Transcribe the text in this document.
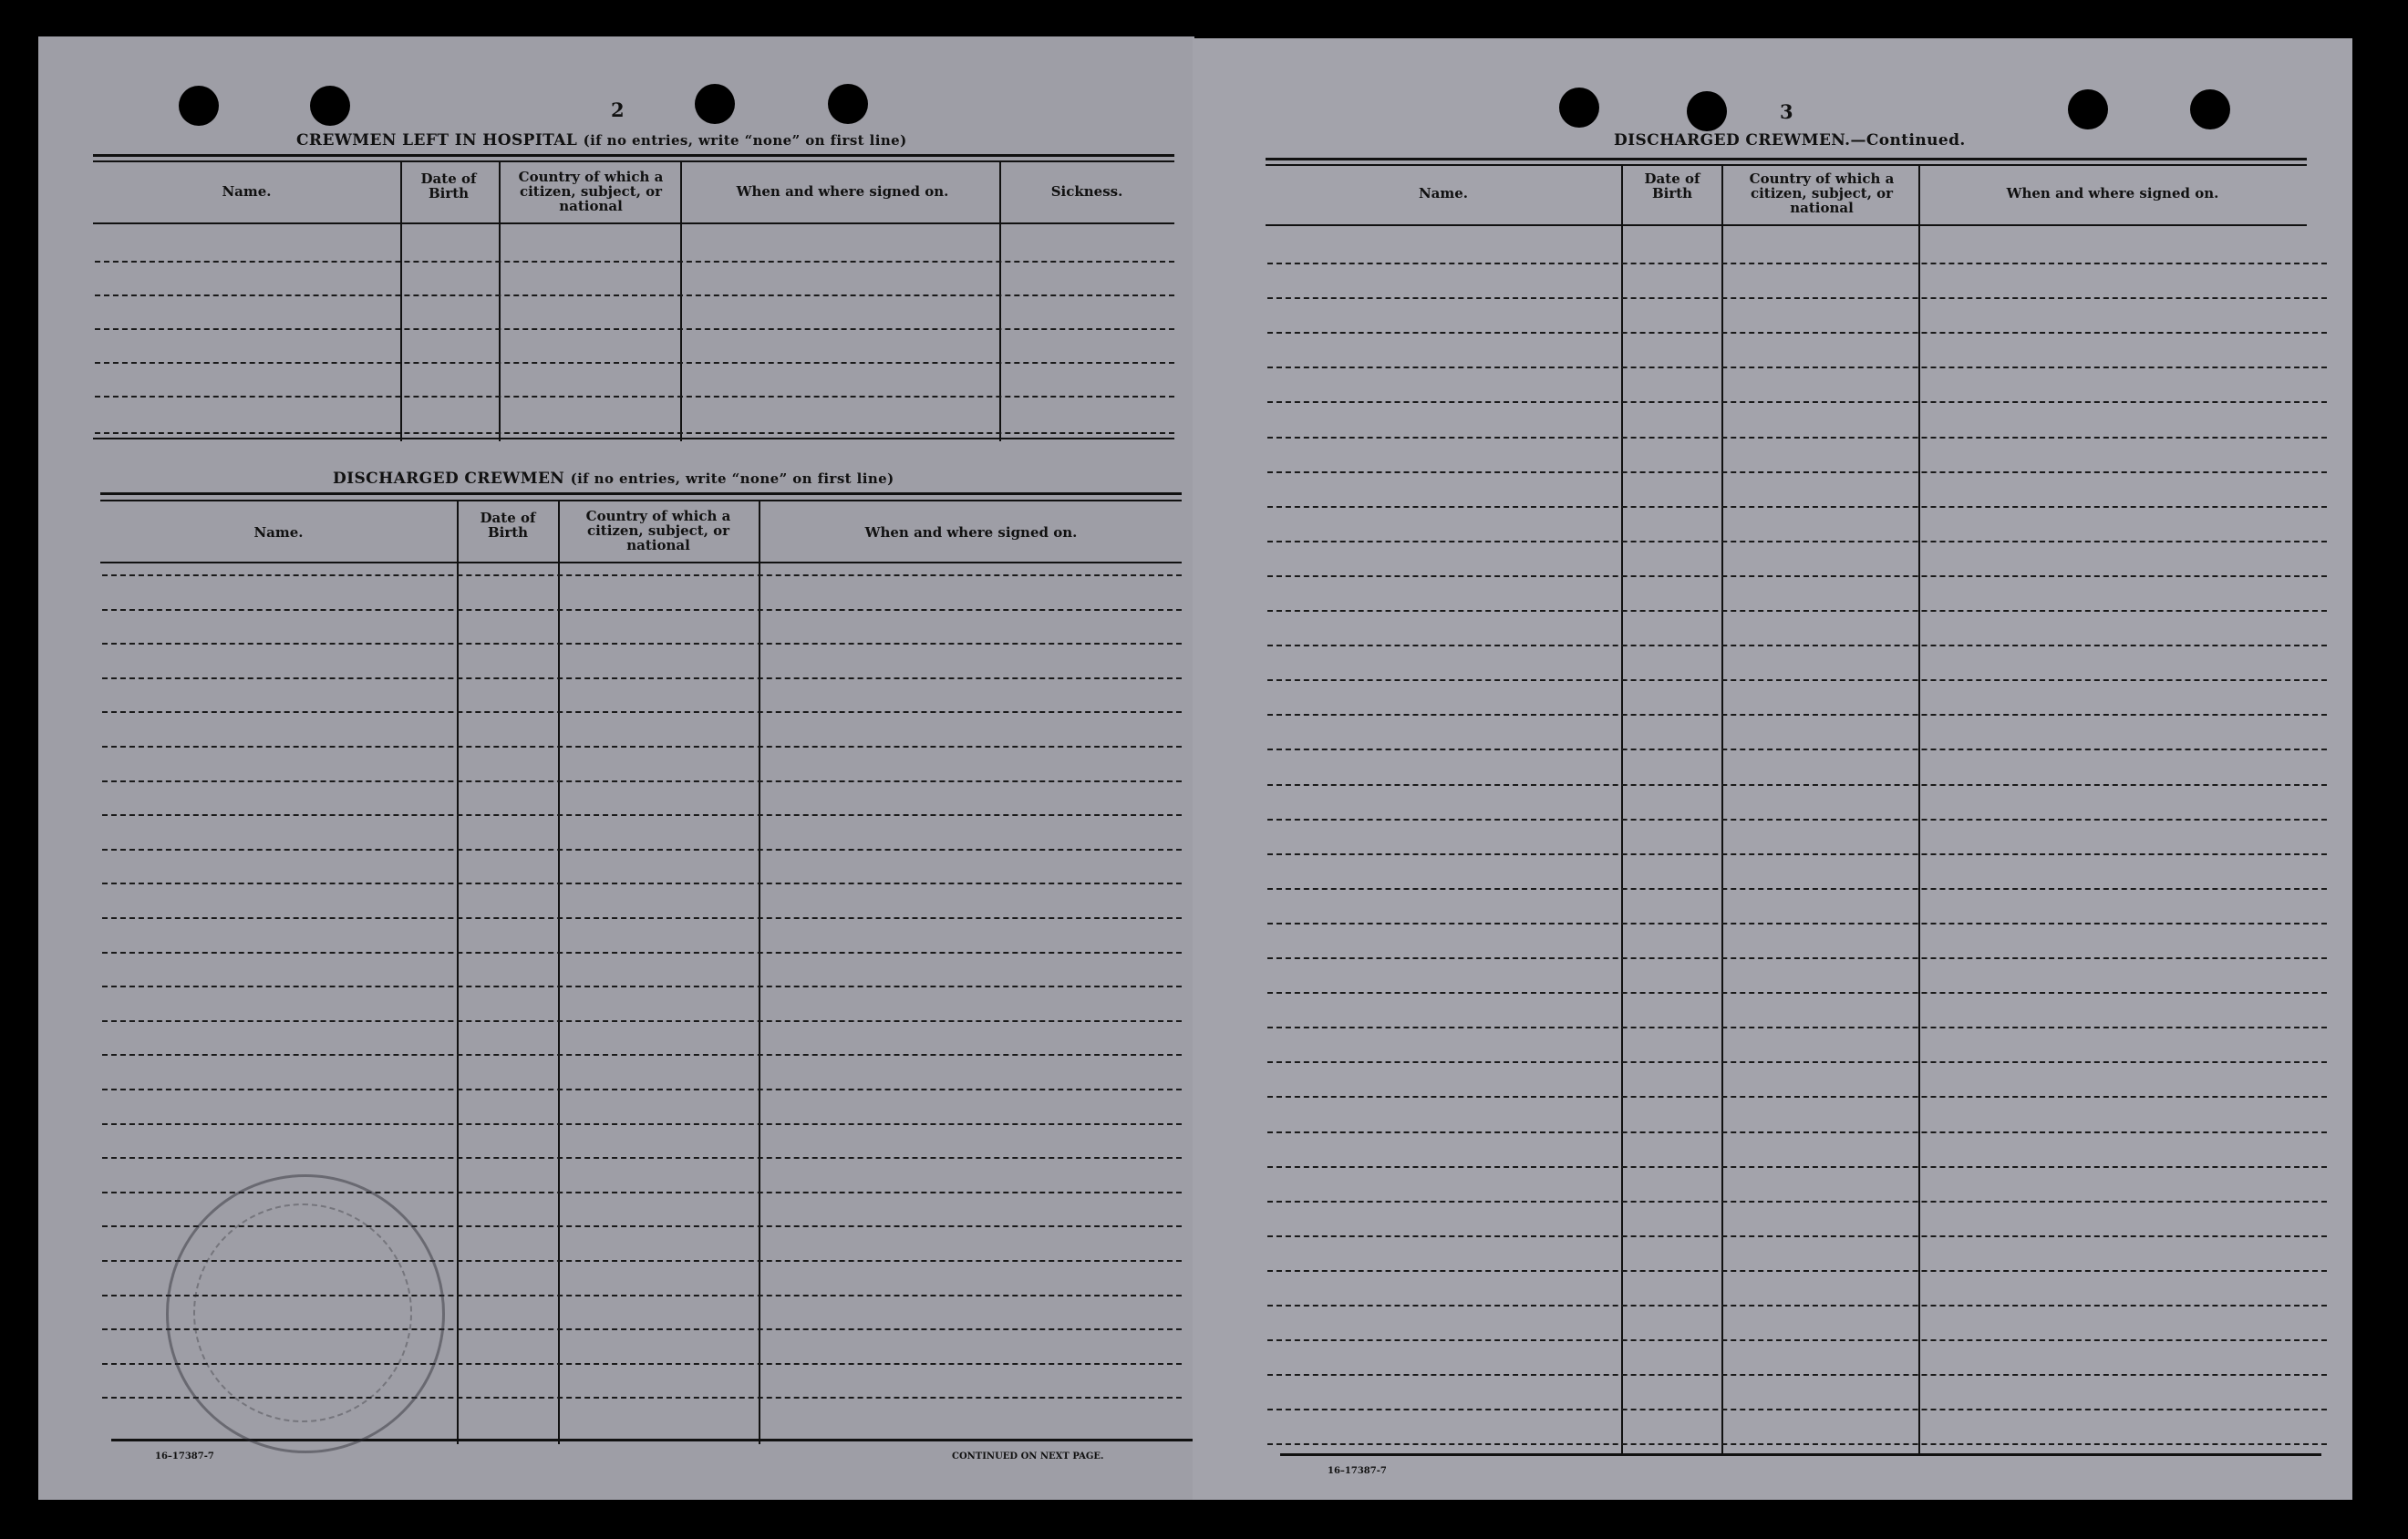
2
CREWMEN LEFT IN HOSPITAL (if no entries, write “none” on first line)
Name.
Date of Birth
Country of which a citizen, subject, or national
When and where signed on.	Sickness.
DISCHARGED CREWMEN (if no entries, write “none” on first line)
Name.
Date of Birth
Country of which a citizen, subject, or national
When and where signed on.
16–17387-7	CONTINUED ON NEXT PAGE.
3
DISCHARGED CREWMEN.—Continued.
Name.
Date of Birth
Country of which a citizen, subject, or national
When and where signed on.
16–17387-7
